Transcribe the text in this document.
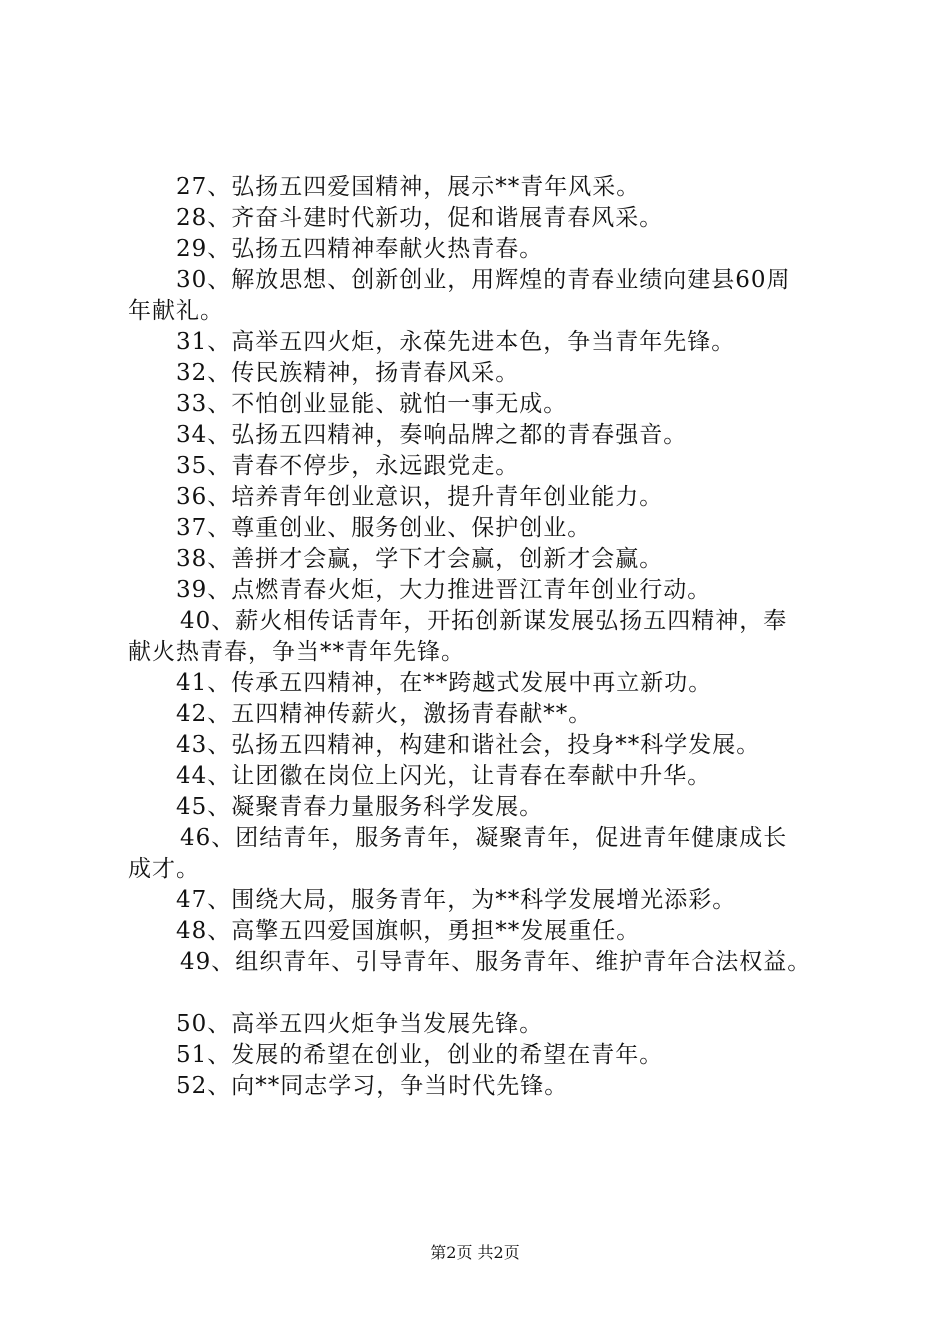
27、弘扬五四爱国精神，展示**青年风采。
28、齐奋斗建时代新功，促和谐展青春风采。
29、弘扬五四精神奉献火热青春。
30、解放思想、创新创业，用辉煌的青春业绩向建县60周
年献礼。
31、高举五四火炬，永葆先进本色，争当青年先锋。
32、传民族精神，扬青春风采。
33、不怕创业显能、就怕一事无成。
34、弘扬五四精神，奏响品牌之都的青春强音。
35、青春不停步，永远跟党走。
36、培养青年创业意识，提升青年创业能力。
37、尊重创业、服务创业、保护创业。
38、善拼才会赢，学下才会赢，创新才会赢。
39、点燃青春火炬，大力推进晋江青年创业行动。
40、薪火相传话青年，开拓创新谋发展弘扬五四精神，奉
献火热青春，争当**青年先锋。
41、传承五四精神，在**跨越式发展中再立新功。
42、五四精神传薪火，激扬青春献**。
43、弘扬五四精神，构建和谐社会，投身**科学发展。
44、让团徽在岗位上闪光，让青春在奉献中升华。
45、凝聚青春力量服务科学发展。
46、团结青年，服务青年，凝聚青年，促进青年健康成长
成才。
47、围绕大局，服务青年，为**科学发展增光添彩。
48、高擎五四爱国旗帜，勇担**发展重任。
49、组织青年、引导青年、服务青年、维护青年合法权益。
50、高举五四火炬争当发展先锋。
51、发展的希望在创业，创业的希望在青年。
52、向**同志学习，争当时代先锋。
第2页 共2页
